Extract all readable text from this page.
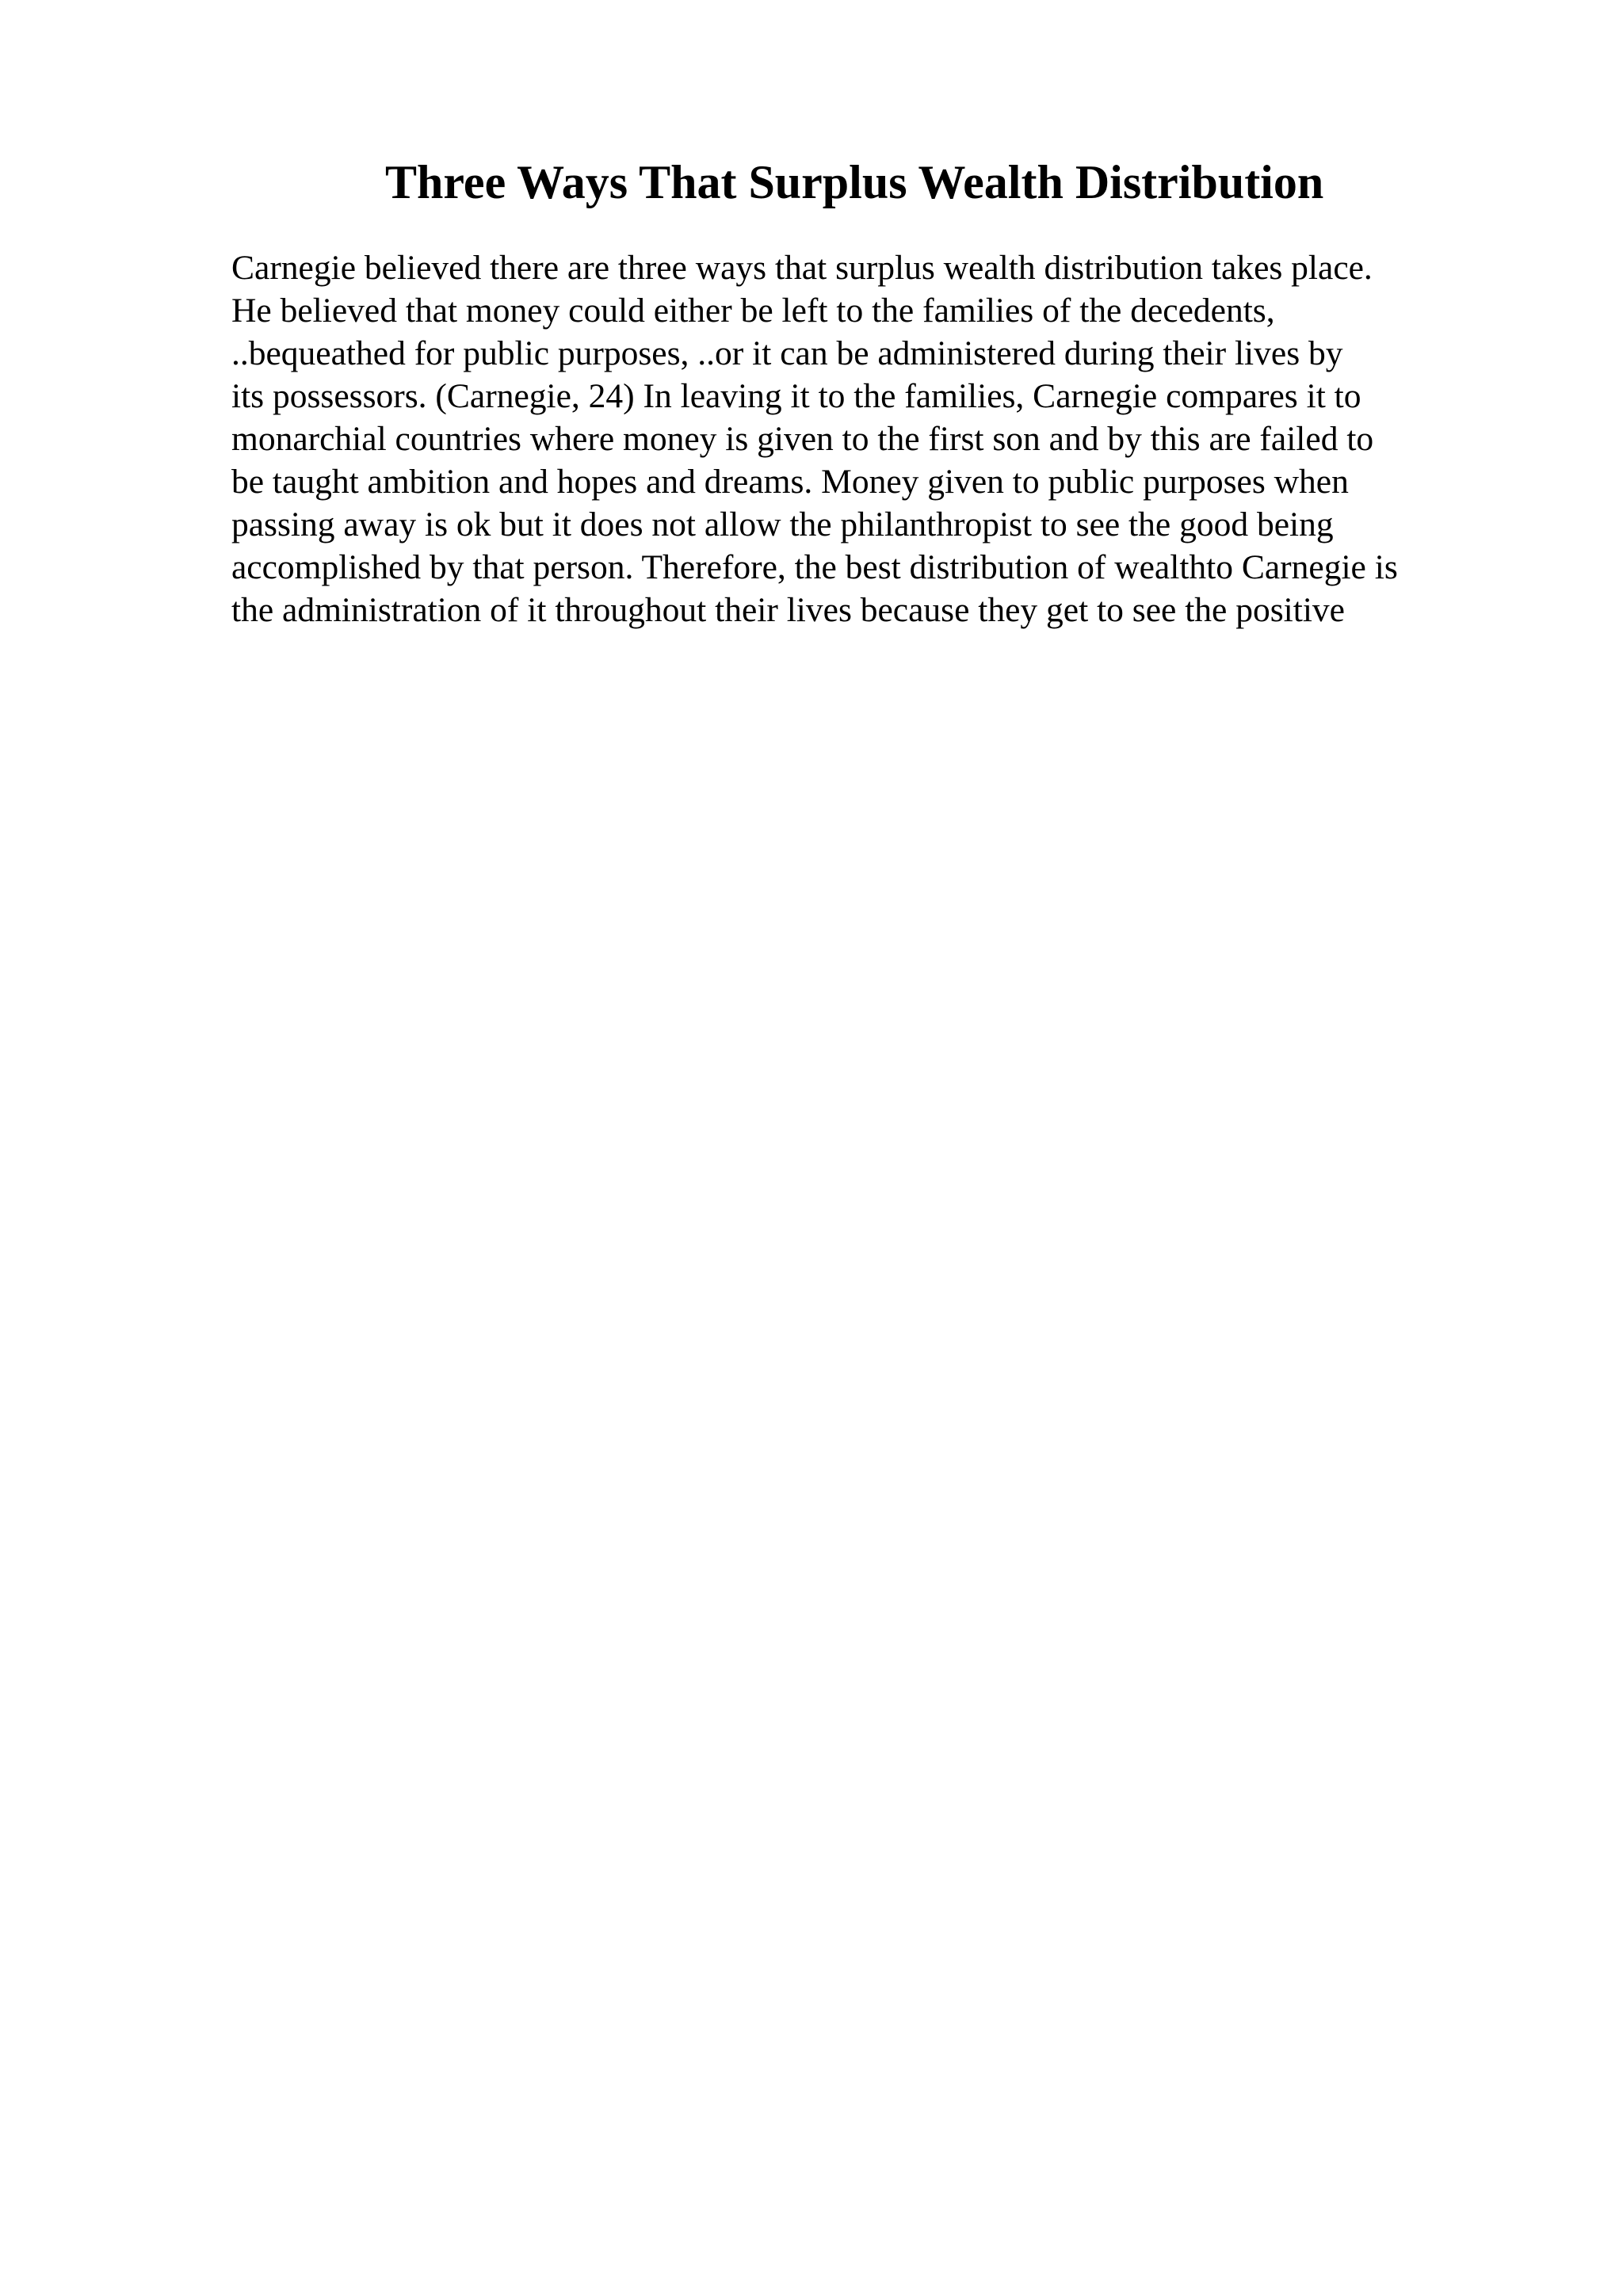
Three Ways That Surplus Wealth Distribution
Carnegie believed there are three ways that surplus wealth distribution takes place.
He believed that money could either be left to the families of the decedents,
..bequeathed for public purposes, ..or it can be administered during their lives by
its possessors. (Carnegie, 24) In leaving it to the families, Carnegie compares it to
monarchial countries where money is given to the first son and by this are failed to
be taught ambition and hopes and dreams. Money given to public purposes when
passing away is ok but it does not allow the philanthropist to see the good being
accomplished by that person. Therefore, the best distribution of wealthto Carnegie is
the administration of it throughout their lives because they get to see the positive
